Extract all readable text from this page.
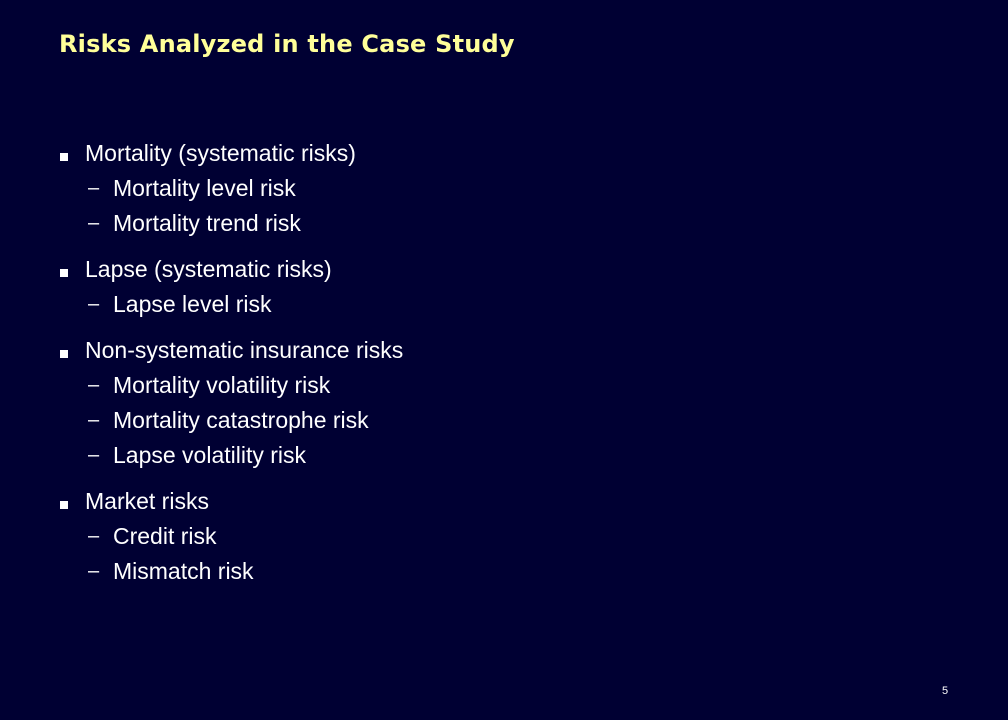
Risks Analyzed in the Case Study
Mortality (systematic risks)
– Mortality level risk
– Mortality trend risk
Lapse (systematic risks)
– Lapse level risk
Non-systematic insurance risks
– Mortality volatility risk
– Mortality catastrophe risk
– Lapse volatility risk
Market risks
– Credit risk
– Mismatch risk
5
